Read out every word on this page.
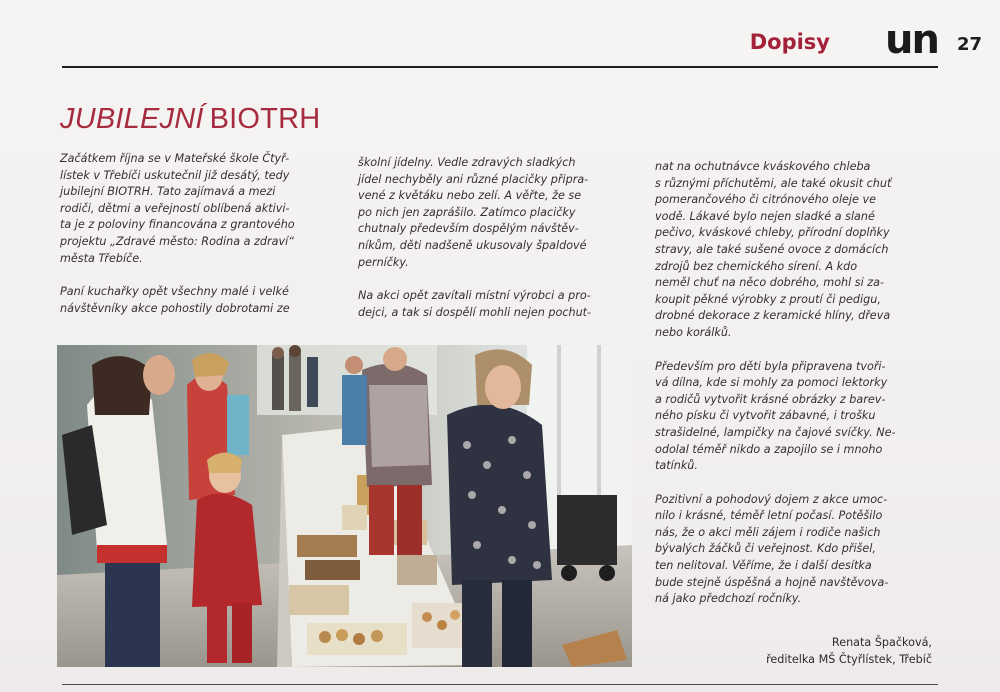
Dopisy un 27
JUBILEJNÍ BIOTRH

Začátkem října se v Mateřské škole Čtyř-
lístek v Třebíči uskutečnil již desátý, tedy
jubilejní BIOTRH. Tato zajímavá a mezi
rodiči, dětmi a veřejností oblíbená aktivi-
ta je z poloviny financována z grantového
projektu „Zdravé město: Rodina a zdraví“
města Třebíče.

Paní kuchařky opět všechny malé i velké
návštěvníky akce pohostily dobrotami ze

školní jídelny. Vedle zdravých sladkých
jídel nechyběly ani různé placičky připra-
vené z květáku nebo zelí. A věřte, že se
po nich jen zaprášilo. Zatímco placičky
chutnaly především dospělým návštěv-
níkům, děti nadšeně ukusovaly špaldové
perníčky.

Na akci opět zavítali místní výrobci a pro-
dejci, a tak si dospělí mohli nejen pochut-

nat na ochutnávce kváskového chleba
s různými příchutěmi, ale také okusit chuť
pomerančového či citrónového oleje ve
vodě. Lákavé bylo nejen sladké a slané
pečivo, kváskové chleby, přírodní doplňky
stravy, ale také sušené ovoce z domácích
zdrojů bez chemického sírení. A kdo
neměl chuť na něco dobrého, mohl si za-
koupit pěkné výrobky z proutí či pedigu,
drobné dekorace z keramické hlíny, dřeva
nebo korálků.

Především pro děti byla připravena tvoři-
vá dílna, kde si mohly za pomoci lektorky
a rodičů vytvořit krásné obrázky z barev-
ného písku či vytvořit zábavné, i trošku
strašidelné, lampičky na čajové svíčky. Ne-
odolal téměř nikdo a zapojilo se i mnoho
tatínků.

Pozitivní a pohodový dojem z akce umoc-
nilo i krásné, téměř letní počasí. Potěšilo
nás, že o akci měli zájem i rodiče našich
bývalých žáčků či veřejnost. Kdo přišel,
ten nelitoval. Věříme, že i další desítka
bude stejně úspěšná a hojně navštěvova-
ná jako předchozí ročníky.

Renata Špačková,
ředitelka MŠ Čtyřlístek, Třebíč
